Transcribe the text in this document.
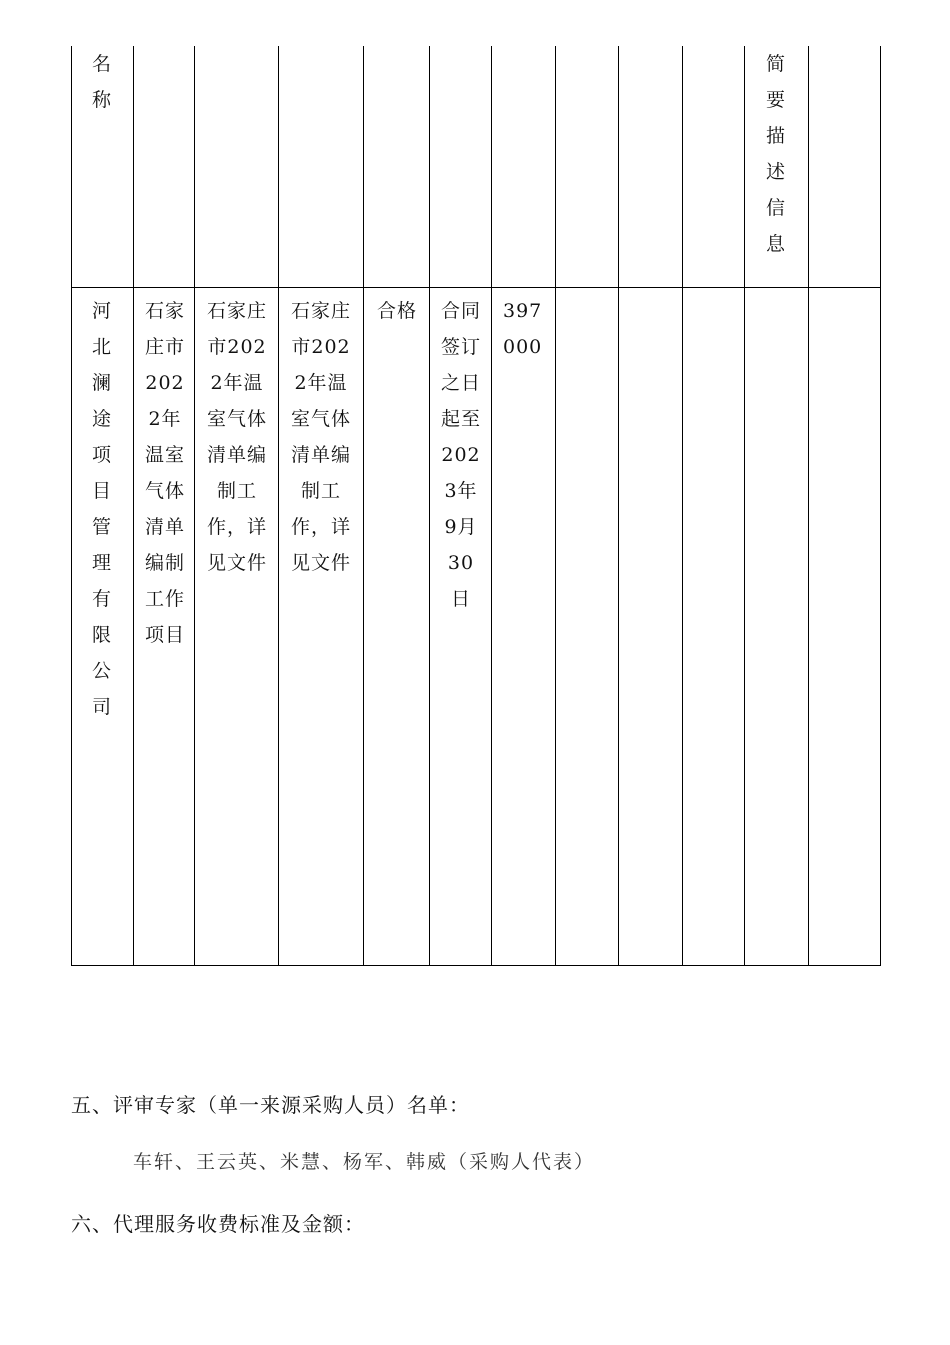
名称
简要描述信息
河北澜途项目管理有限公司
石家庄市2022年温室气体清单编制工作项目
石家庄市2022年温室气体清单编制工作，详见文件
石家庄市2022年温室气体清单编制工作，详见文件
合格	合同签订之日起至2023年9月30日
397000
五、评审专家（单一来源采购人员）名单：
车轩、王云英、米慧、杨军、韩威（采购人代表）
六、代理服务收费标准及金额：
